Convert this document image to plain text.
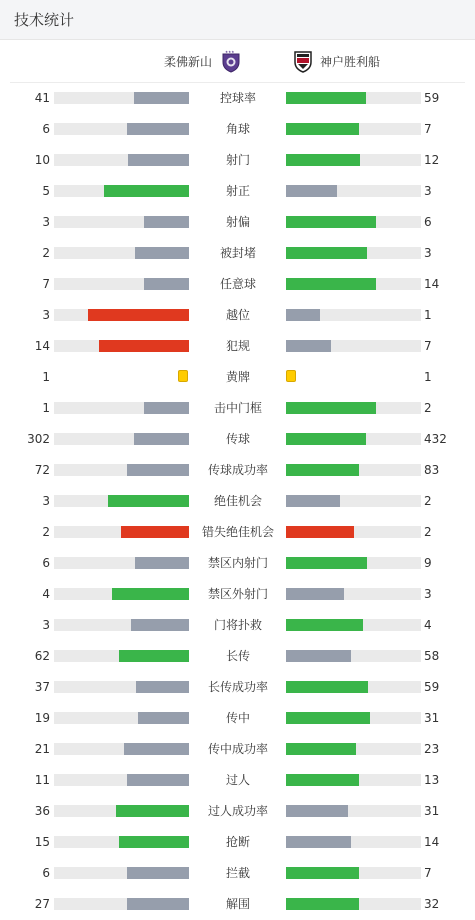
技术统计
柔佛新山
★★★
神户胜利船
41	控球率	59
6	角球	7
10	射门	12
5	射正	3
3	射偏	6
2	被封堵	3
7	任意球	14
3	越位	1
14	犯规	7
1	黄牌	1
1	击中门框	2
302	传球	432
72	传球成功率	83
3	绝佳机会	2
2	错失绝佳机会	2
6	禁区内射门	9
4	禁区外射门	3
3	门将扑救	4
62	长传	58
37	长传成功率	59
19	传中	31
21	传中成功率	23
11	过人	13
36	过人成功率	31
15	抢断	14
6	拦截	7
27	解围	32
